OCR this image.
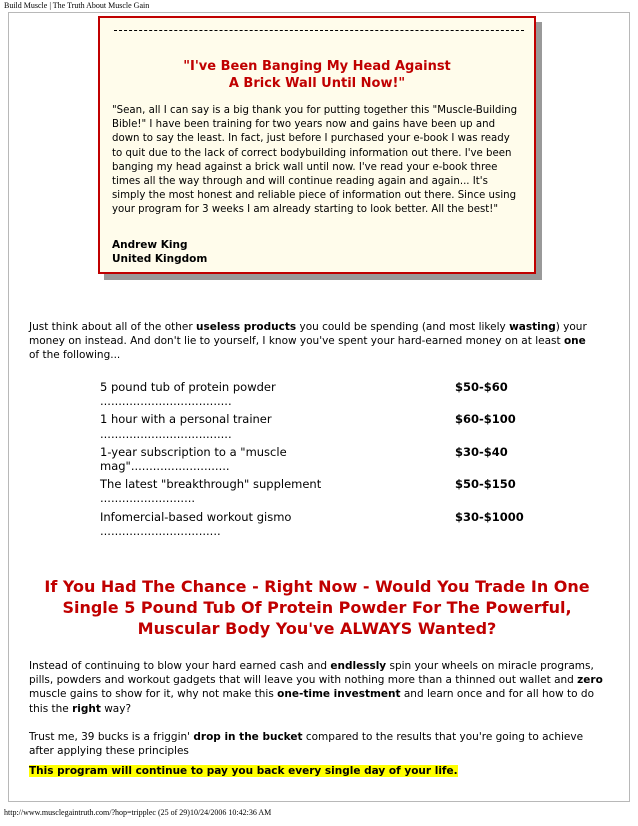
Build Muscle | The Truth About Muscle Gain
"I've Been Banging My Head Against
A Brick Wall Until Now!"
"Sean, all I can say is a big thank you for putting together this "Muscle-Building Bible!" I have been training for two years now and gains have been up and down to say the least. In fact, just before I purchased your e-book I was ready to quit due to the lack of correct bodybuilding information out there. I've been banging my head against a brick wall until now. I've read your e-book three times all the way through and will continue reading again and again... It's simply the most honest and reliable piece of information out there. Since using your program for 3 weeks I am already starting to look better. All the best!"
Andrew King
United Kingdom
Just think about all of the other useless products you could be spending (and most likely wasting) your money on instead. And don't lie to yourself, I know you've spent your hard-earned money on at least one of the following...
5 pound tub of protein powder ....................................
$50-$60
1 hour with a personal trainer ....................................
$60-$100
1-year subscription to a "muscle mag"...........................
$30-$40
The latest "breakthrough" supplement ..........................
$50-$150
Infomercial-based workout gismo .................................
$30-$1000
If You Had The Chance - Right Now - Would You Trade In One
Single 5 Pound Tub Of Protein Powder For The Powerful,
Muscular Body You've ALWAYS Wanted?
Instead of continuing to blow your hard earned cash and endlessly spin your wheels on miracle programs, pills, powders and workout gadgets that will leave you with nothing more than a thinned out wallet and zero muscle gains to show for it, why not make this one-time investment and learn once and for all how to do this the right way?
Trust me, 39 bucks is a friggin' drop in the bucket compared to the results that you're going to achieve after applying these principles
This program will continue to pay you back every single day of your life.
http://www.musclegaintruth.com/?hop=tripplec (25 of 29)10/24/2006 10:42:36 AM
